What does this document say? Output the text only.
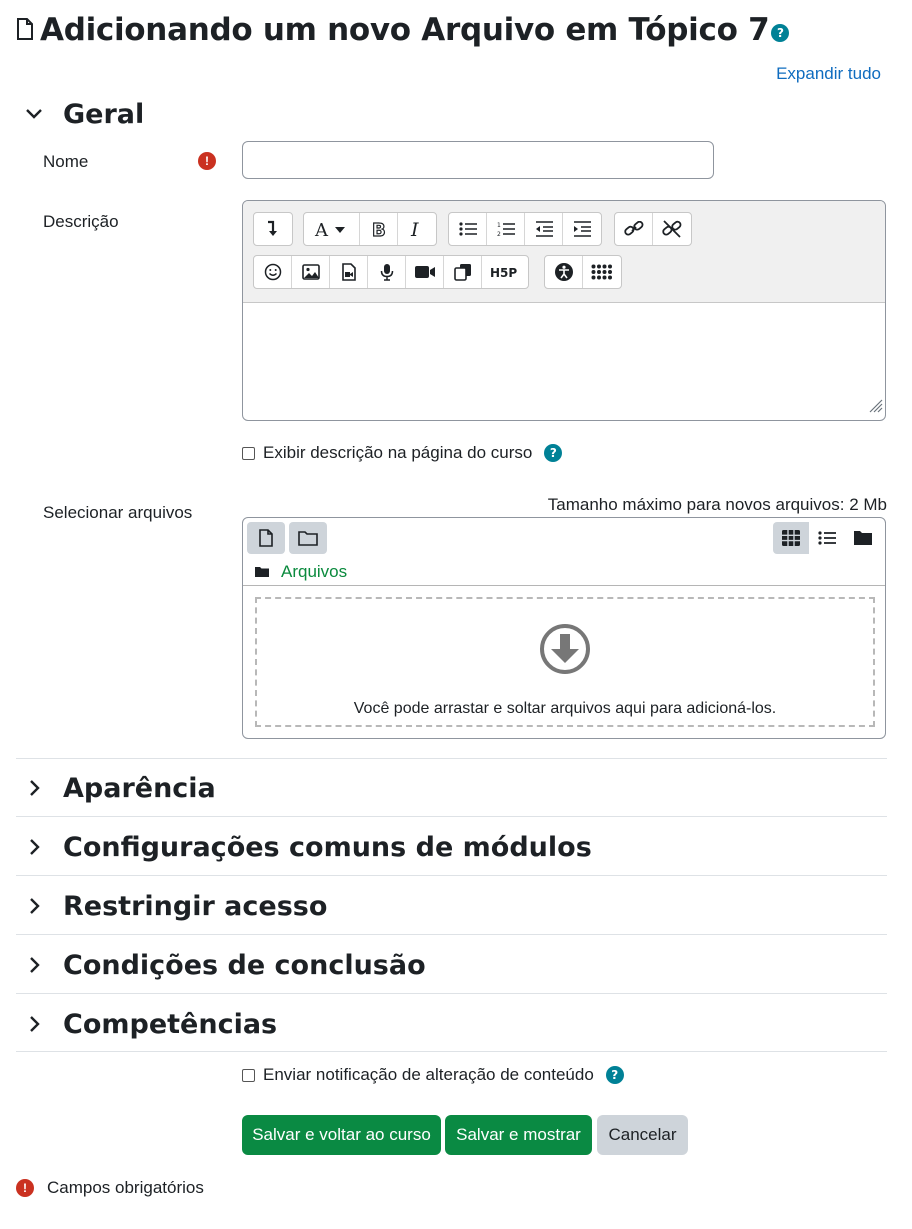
Adicionando um novo Arquivo em Tópico 7 ?
Expandir tudo
Geral
Nome	!
Descrição	A B I	1
2
H5P
Exibir descrição na página do curso	?
Selecionar arquivos	Tamanho máximo para novos arquivos: 2 Mb
Arquivos
Você pode arrastar e soltar arquivos aqui para adicioná-los.
Aparência
Configurações comuns de módulos
Restringir acesso
Condições de conclusão
Competências
Enviar notificação de alteração de conteúdo	?
Salvar e voltar ao curso	Salvar e mostrar	Cancelar
!	Campos obrigatórios
